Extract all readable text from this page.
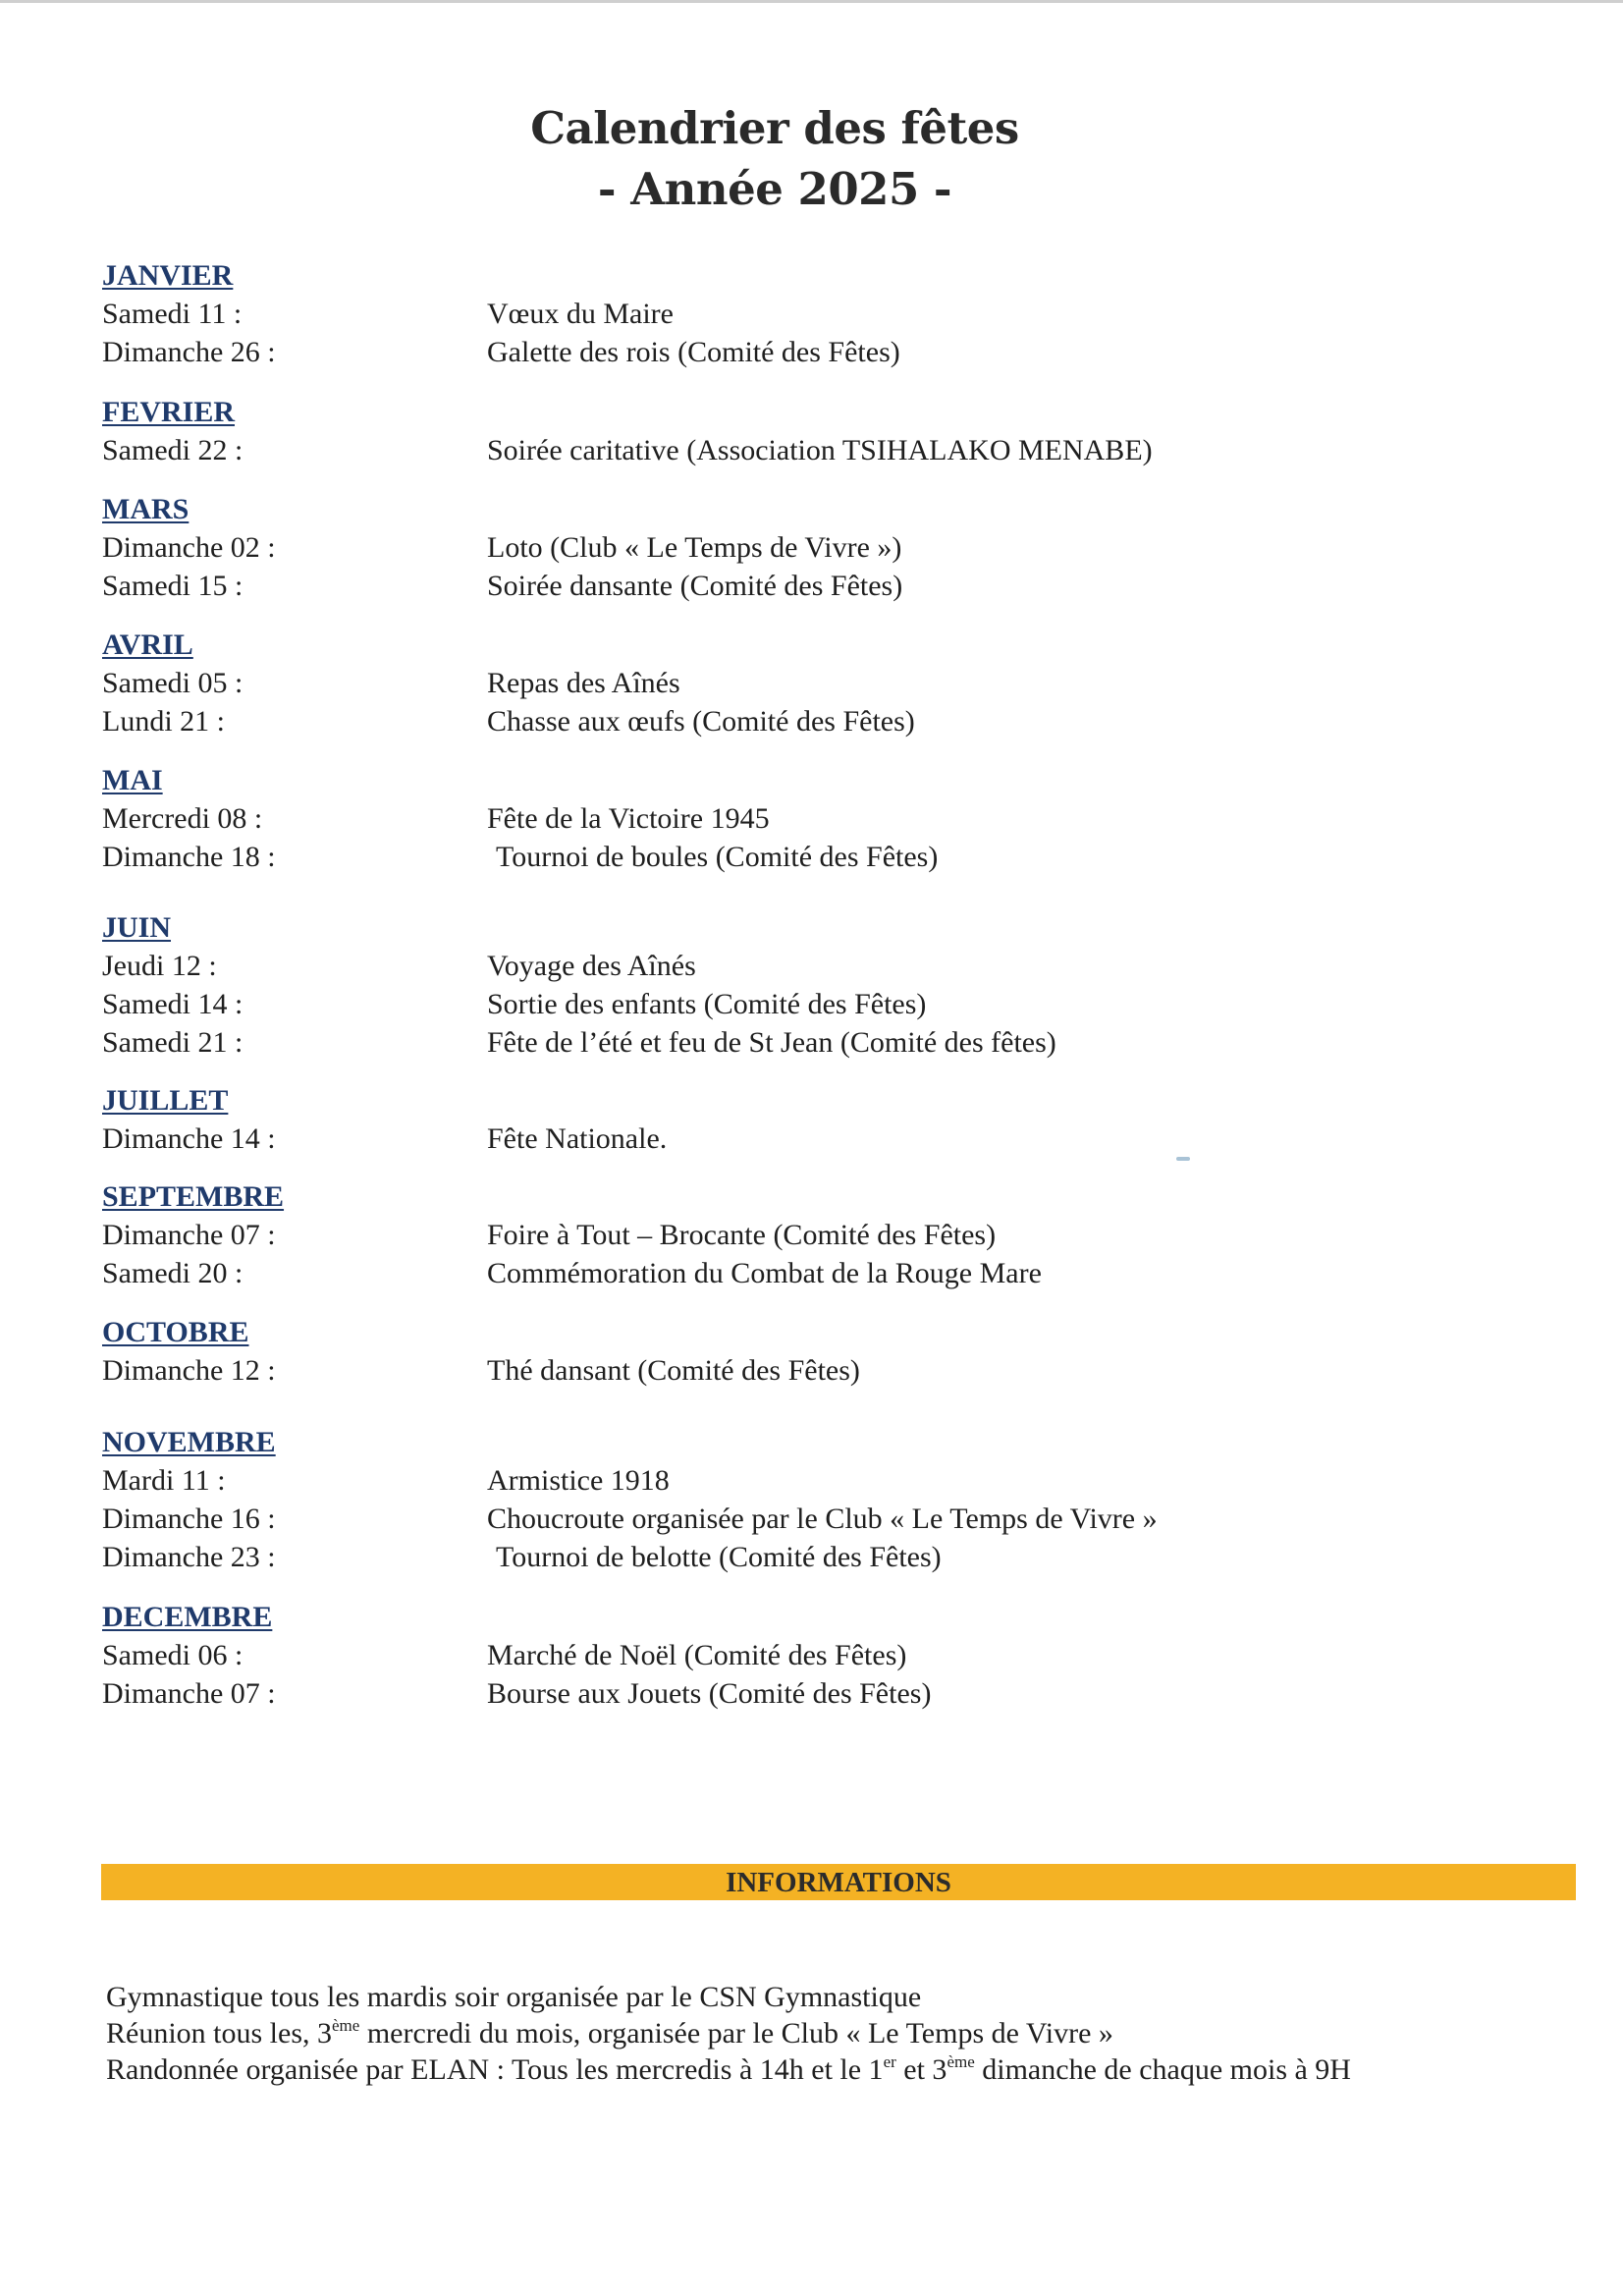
Calendrier des fêtes
- Année 2025 -
JANVIER
Samedi 11 :	Vœux du Maire
Dimanche 26 :	Galette des rois (Comité des Fêtes)
FEVRIER
Samedi 22 :	Soirée caritative (Association TSIHALAKO MENABE)
MARS
Dimanche 02 :	Loto (Club « Le Temps de Vivre »)
Samedi 15 :	Soirée dansante (Comité des Fêtes)
AVRIL
Samedi 05 :	Repas des Aînés
Lundi 21 :	Chasse aux œufs (Comité des Fêtes)
MAI
Mercredi 08 :	Fête de la Victoire 1945
Dimanche 18 :	Tournoi de boules (Comité des Fêtes)
JUIN
Jeudi 12 :	Voyage des Aînés
Samedi 14 :	Sortie des enfants (Comité des Fêtes)
Samedi 21 :	Fête de l’été et feu de St Jean (Comité des fêtes)
JUILLET
Dimanche 14 :	Fête Nationale.
SEPTEMBRE
Dimanche 07 :	Foire à Tout – Brocante (Comité des Fêtes)
Samedi 20 :	Commémoration du Combat de la Rouge Mare
OCTOBRE
Dimanche 12 :	Thé dansant (Comité des Fêtes)
NOVEMBRE
Mardi 11 :	Armistice 1918
Dimanche 16 :	Choucroute organisée par le Club « Le Temps de Vivre »
Dimanche 23 :	Tournoi de belotte (Comité des Fêtes)
DECEMBRE
Samedi 06 :	Marché de Noël (Comité des Fêtes)
Dimanche 07 :	Bourse aux Jouets (Comité des Fêtes)
INFORMATIONS
Gymnastique tous les mardis soir organisée par le CSN Gymnastique
Réunion tous les, 3ème mercredi du mois, organisée par le Club « Le Temps de Vivre »
Randonnée organisée par ELAN : Tous les mercredis à 14h et le 1er et 3ème dimanche de chaque mois à 9H
